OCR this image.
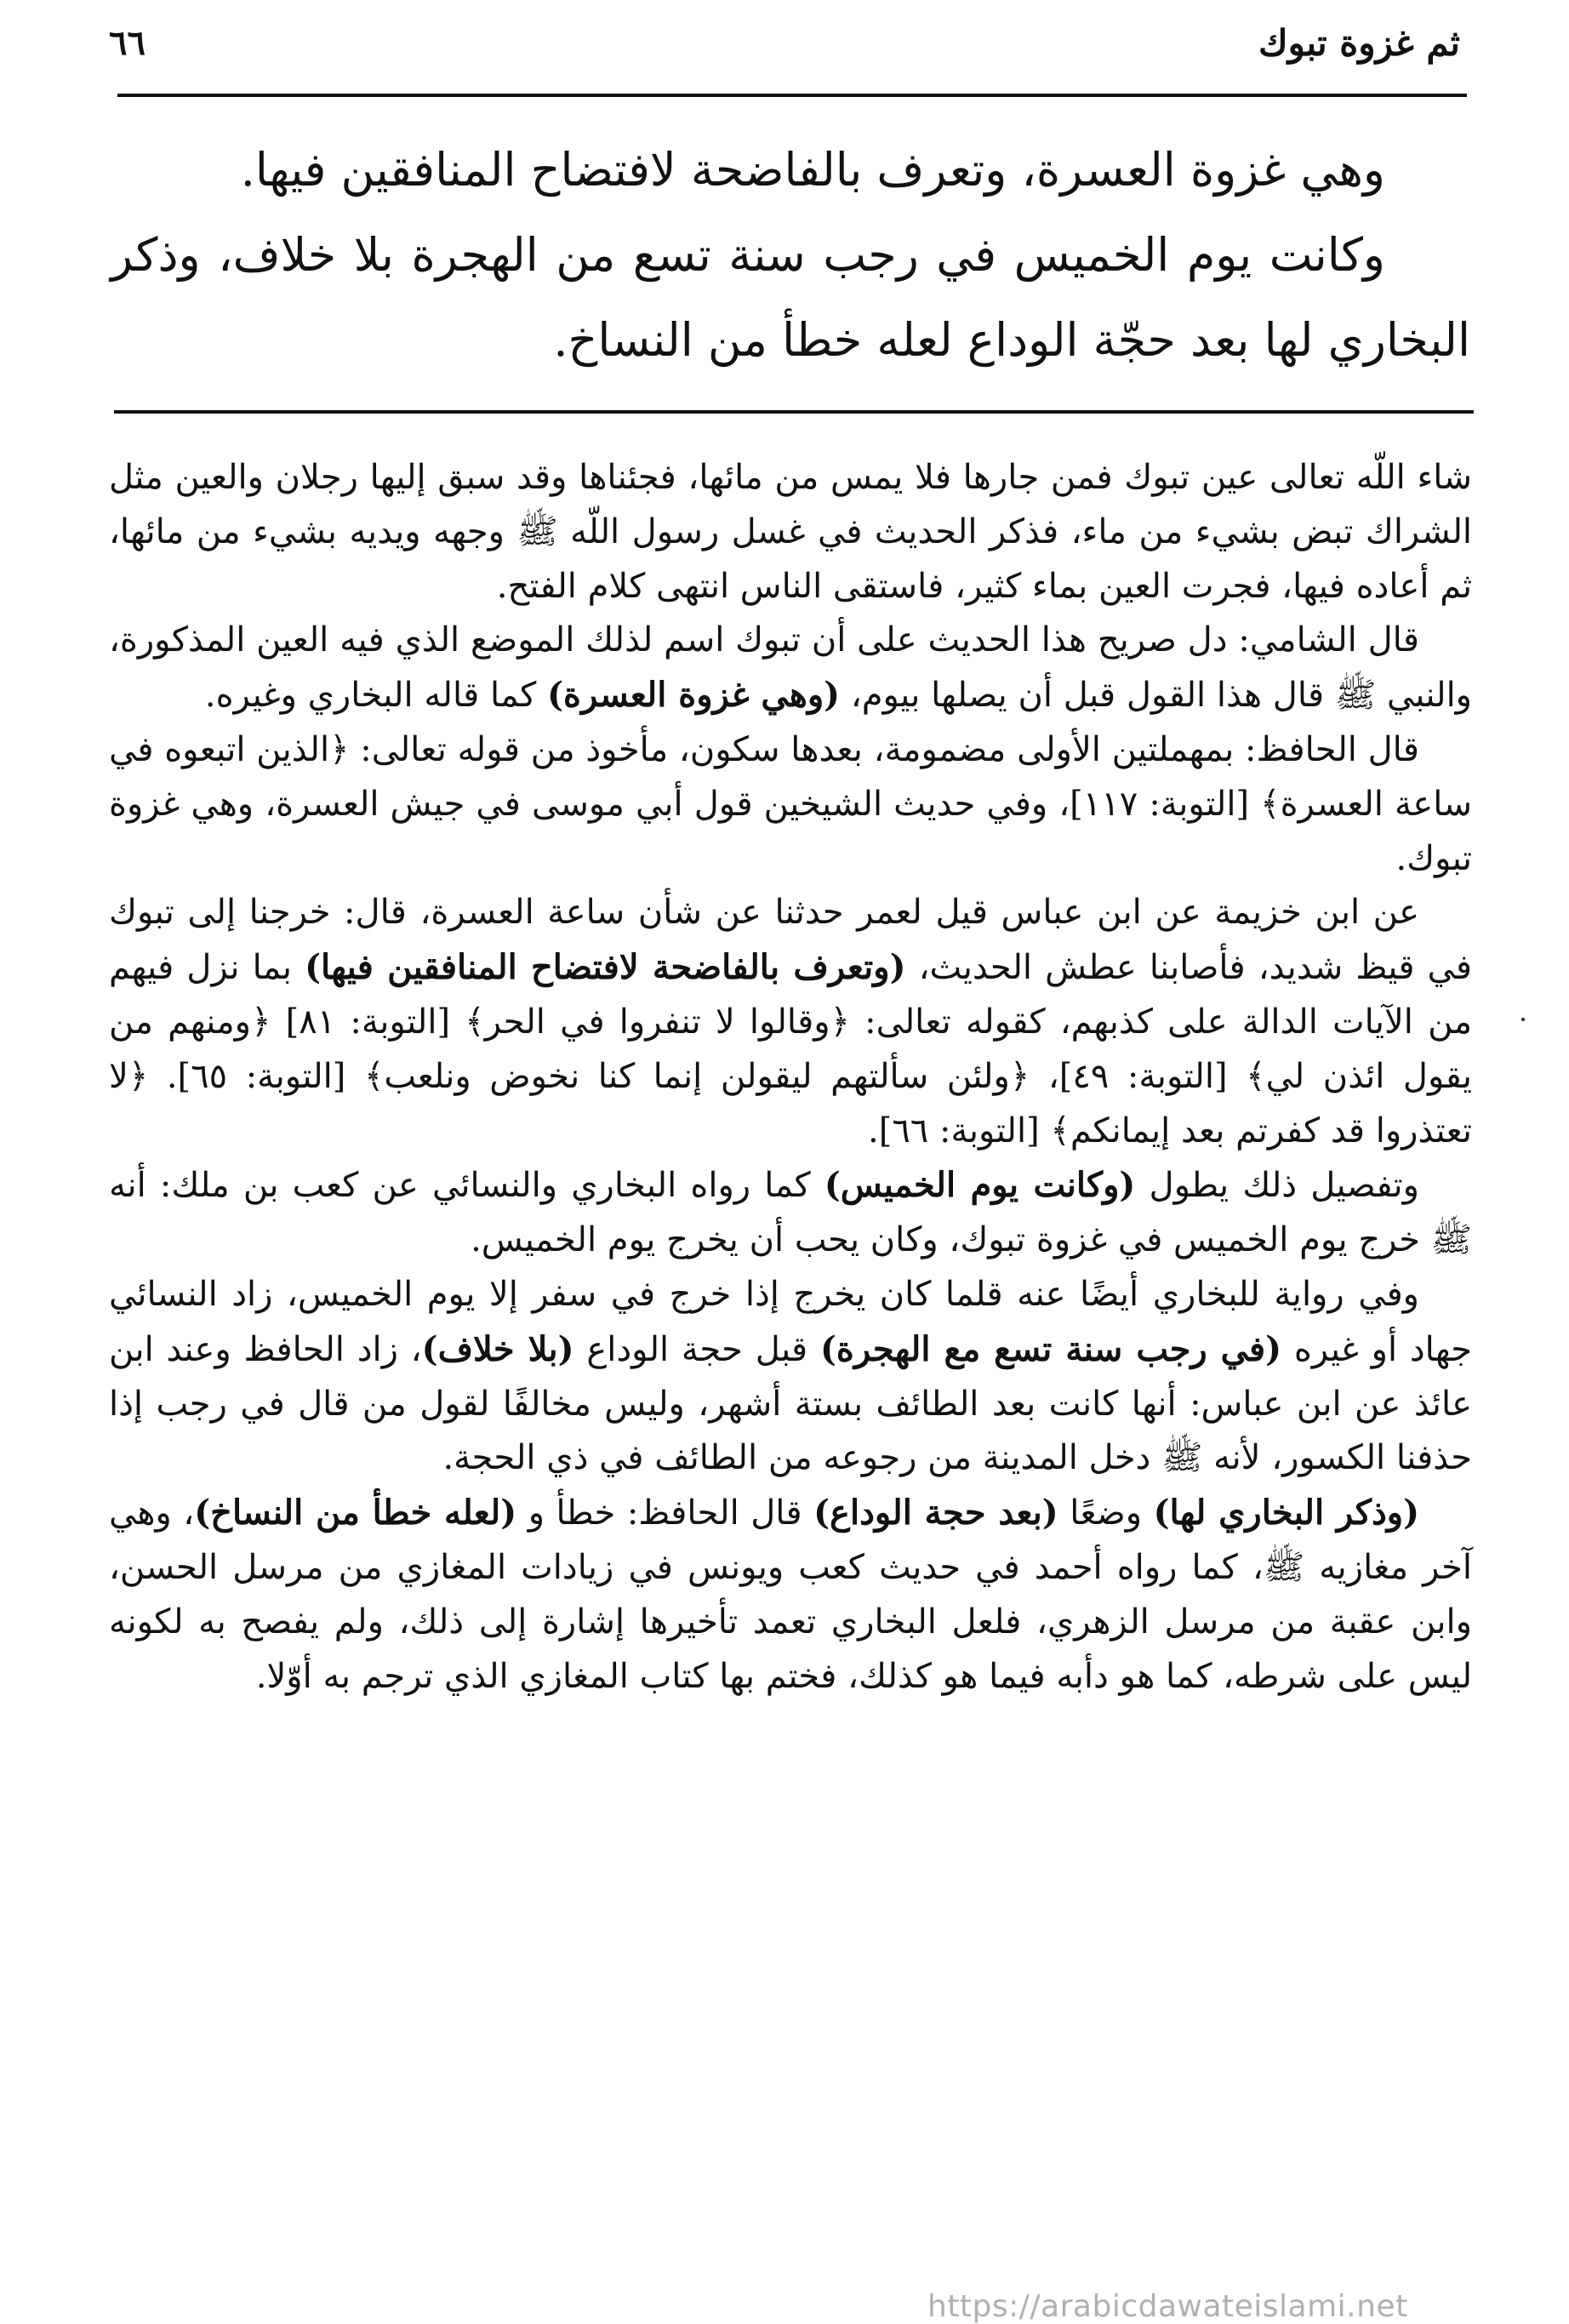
٦٦	ثم غزوة تبوك

وهي غزوة العسرة، وتعرف بالفاضحة لافتضاح المنافقين فيها.

وكانت يوم الخميس في رجب سنة تسع من الهجرة بلا خلاف، وذكر البخاري لها بعد حجّة الوداع لعله خطأ من النساخ.

شاء اللّه تعالى عين تبوك فمن جارها فلا يمس من مائها، فجئناها وقد سبق إليها رجلان والعين مثل الشراك تبض بشيء من ماء، فذكر الحديث في غسل رسول اللّه ﷺ وجهه ويديه بشيء من مائها، ثم أعاده فيها، فجرت العين بماء كثير، فاستقى الناس انتهى كلام الفتح.

قال الشامي: دل صريح هذا الحديث على أن تبوك اسم لذلك الموضع الذي فيه العين المذكورة، والنبي ﷺ قال هذا القول قبل أن يصلها بيوم، (وهي غزوة العسرة) كما قاله البخاري وغيره.

قال الحافظ: بمهملتين الأولى مضمومة، بعدها سكون، مأخوذ من قوله تعالى: ﴿الذين اتبعوه في ساعة العسرة﴾ [التوبة: ١١٧]، وفي حديث الشيخين قول أبي موسى في جيش العسرة، وهي غزوة تبوك.

عن ابن خزيمة عن ابن عباس قيل لعمر حدثنا عن شأن ساعة العسرة، قال: خرجنا إلى تبوك في قيظ شديد، فأصابنا عطش الحديث، (وتعرف بالفاضحة لافتضاح المنافقين فيها) بما نزل فيهم من الآيات الدالة على كذبهم، كقوله تعالى: ﴿وقالوا لا تنفروا في الحر﴾ [التوبة: ٨١] ﴿ومنهم من يقول ائذن لي﴾ [التوبة: ٤٩]، ﴿ولئن سألتهم ليقولن إنما كنا نخوض ونلعب﴾ [التوبة: ٦٥]. ﴿لا تعتذروا قد كفرتم بعد إيمانكم﴾ [التوبة: ٦٦].

وتفصيل ذلك يطول (وكانت يوم الخميس) كما رواه البخاري والنسائي عن كعب بن ملك: أنه ﷺ خرج يوم الخميس في غزوة تبوك، وكان يحب أن يخرج يوم الخميس.

وفي رواية للبخاري أيضًا عنه قلما كان يخرج إذا خرج في سفر إلا يوم الخميس، زاد النسائي جهاد أو غيره (في رجب سنة تسع مع الهجرة) قبل حجة الوداع (بلا خلاف)، زاد الحافظ وعند ابن عائذ عن ابن عباس: أنها كانت بعد الطائف بستة أشهر، وليس مخالفًا لقول من قال في رجب إذا حذفنا الكسور، لأنه ﷺ دخل المدينة من رجوعه من الطائف في ذي الحجة.

(وذكر البخاري لها) وضعًا (بعد حجة الوداع) قال الحافظ: خطأ و (لعله خطأ من النساخ)، وهي آخر مغازيه ﷺ، كما رواه أحمد في حديث كعب ويونس في زيادات المغازي من مرسل الحسن، وابن عقبة من مرسل الزهري، فلعل البخاري تعمد تأخيرها إشارة إلى ذلك، ولم يفصح به لكونه ليس على شرطه، كما هو دأبه فيما هو كذلك، فختم بها كتاب المغازي الذي ترجم به أوّلا.

https://arabicdawateislami.net
